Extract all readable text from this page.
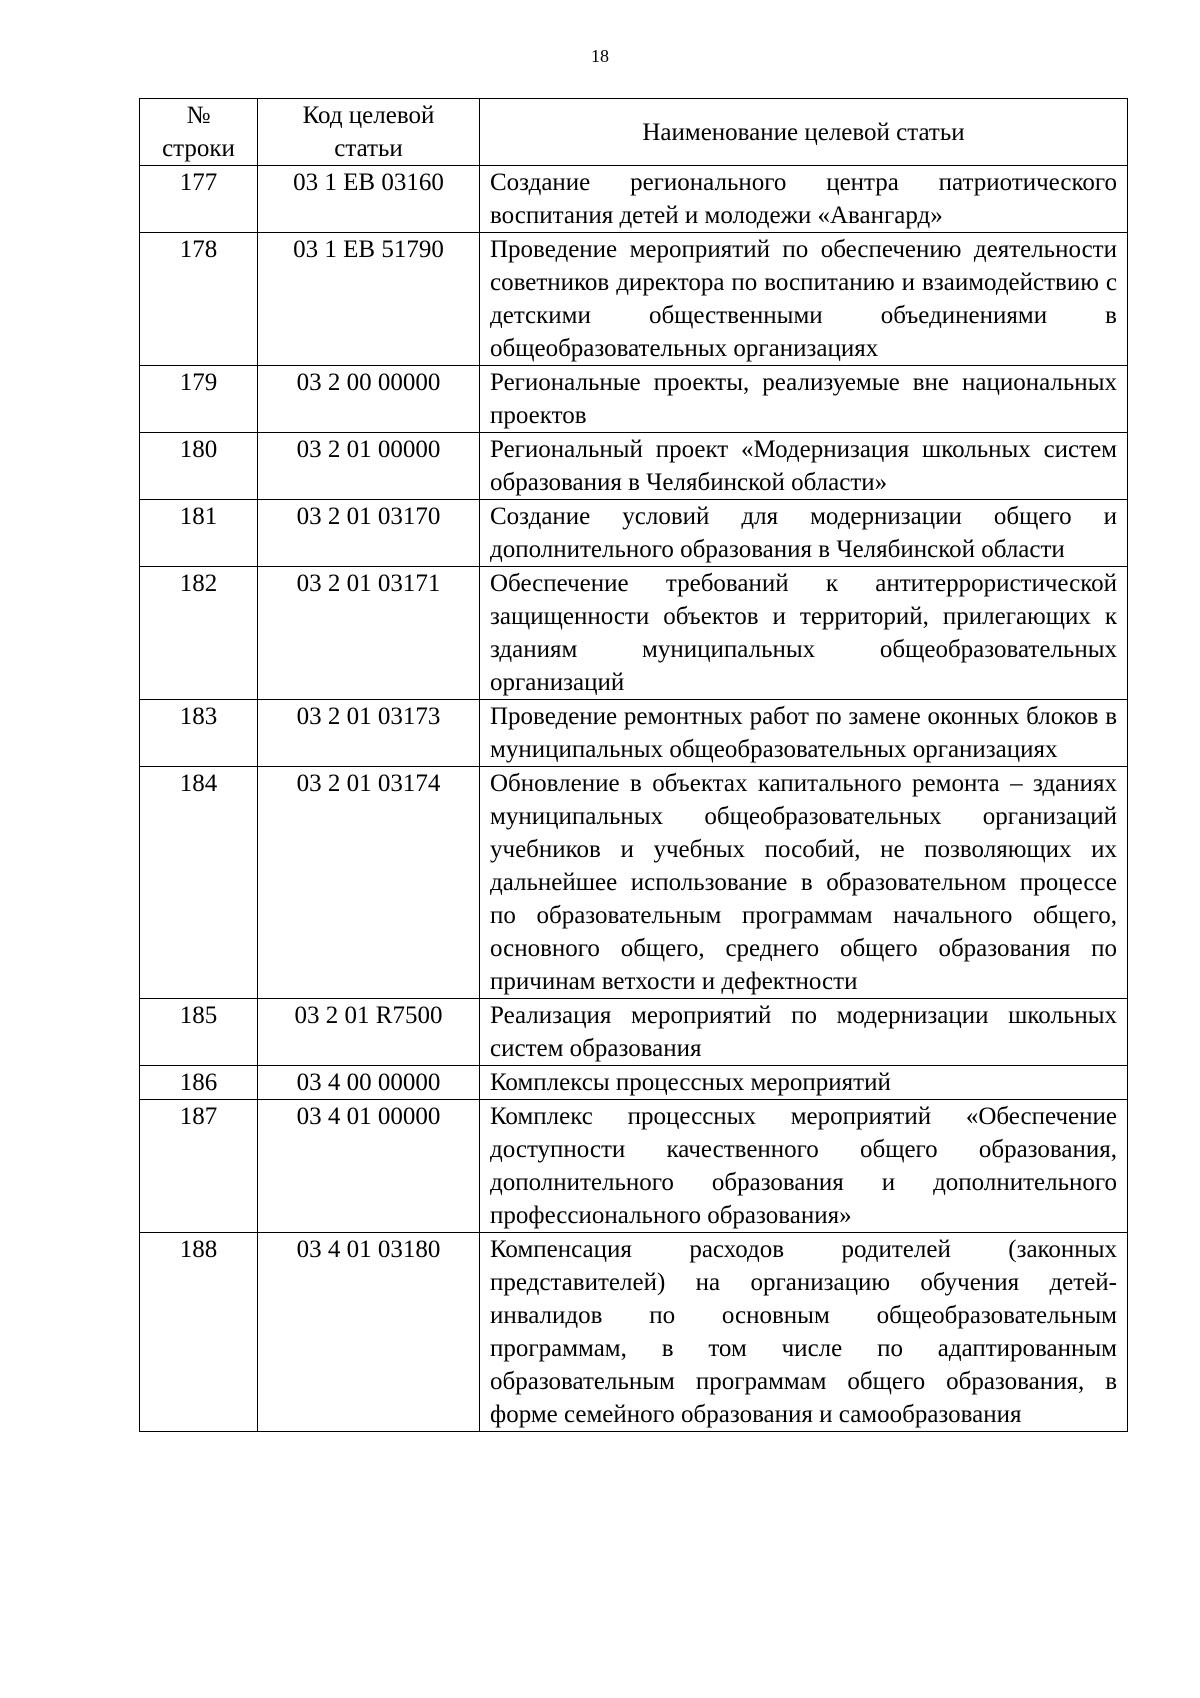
18
№ строки	Код целевой статьи	Наименование целевой статьи
177	03 1 EB 03160	Создание регионального центра патриотического воспитания детей и молодежи «Авангард»
178	03 1 EB 51790	Проведение мероприятий по обеспечению деятельности советников директора по воспитанию и взаимодействию с детскими общественными объединениями в общеобразовательных организациях
179	03 2 00 00000	Региональные проекты, реализуемые вне национальных проектов
180	03 2 01 00000	Региональный проект «Модернизация школьных систем образования в Челябинской области»
181	03 2 01 03170	Создание условий для модернизации общего и дополнительного образования в Челябинской области
182	03 2 01 03171	Обеспечение требований к антитеррористической защищенности объектов и территорий, прилегающих к зданиям муниципальных общеобразовательных организаций
183	03 2 01 03173	Проведение ремонтных работ по замене оконных блоков в муниципальных общеобразовательных организациях
184	03 2 01 03174	Обновление в объектах капитального ремонта – зданиях муниципальных общеобразовательных организаций учебников и учебных пособий, не позволяющих их дальнейшее использование в образовательном процессе по образовательным программам начального общего, основного общего, среднего общего образования по причинам ветхости и дефектности
185	03 2 01 R7500	Реализация мероприятий по модернизации школьных систем образования
186	03 4 00 00000	Комплексы процессных мероприятий
187	03 4 01 00000	Комплекс процессных мероприятий «Обеспечение доступности качественного общего образования, дополнительного образования и дополнительного профессионального образования»
188	03 4 01 03180	Компенсация расходов родителей (законных представителей) на организацию обучения детей-инвалидов по основным общеобразовательным программам, в том числе по адаптированным образовательным программам общего образования, в форме семейного образования и самообразования
